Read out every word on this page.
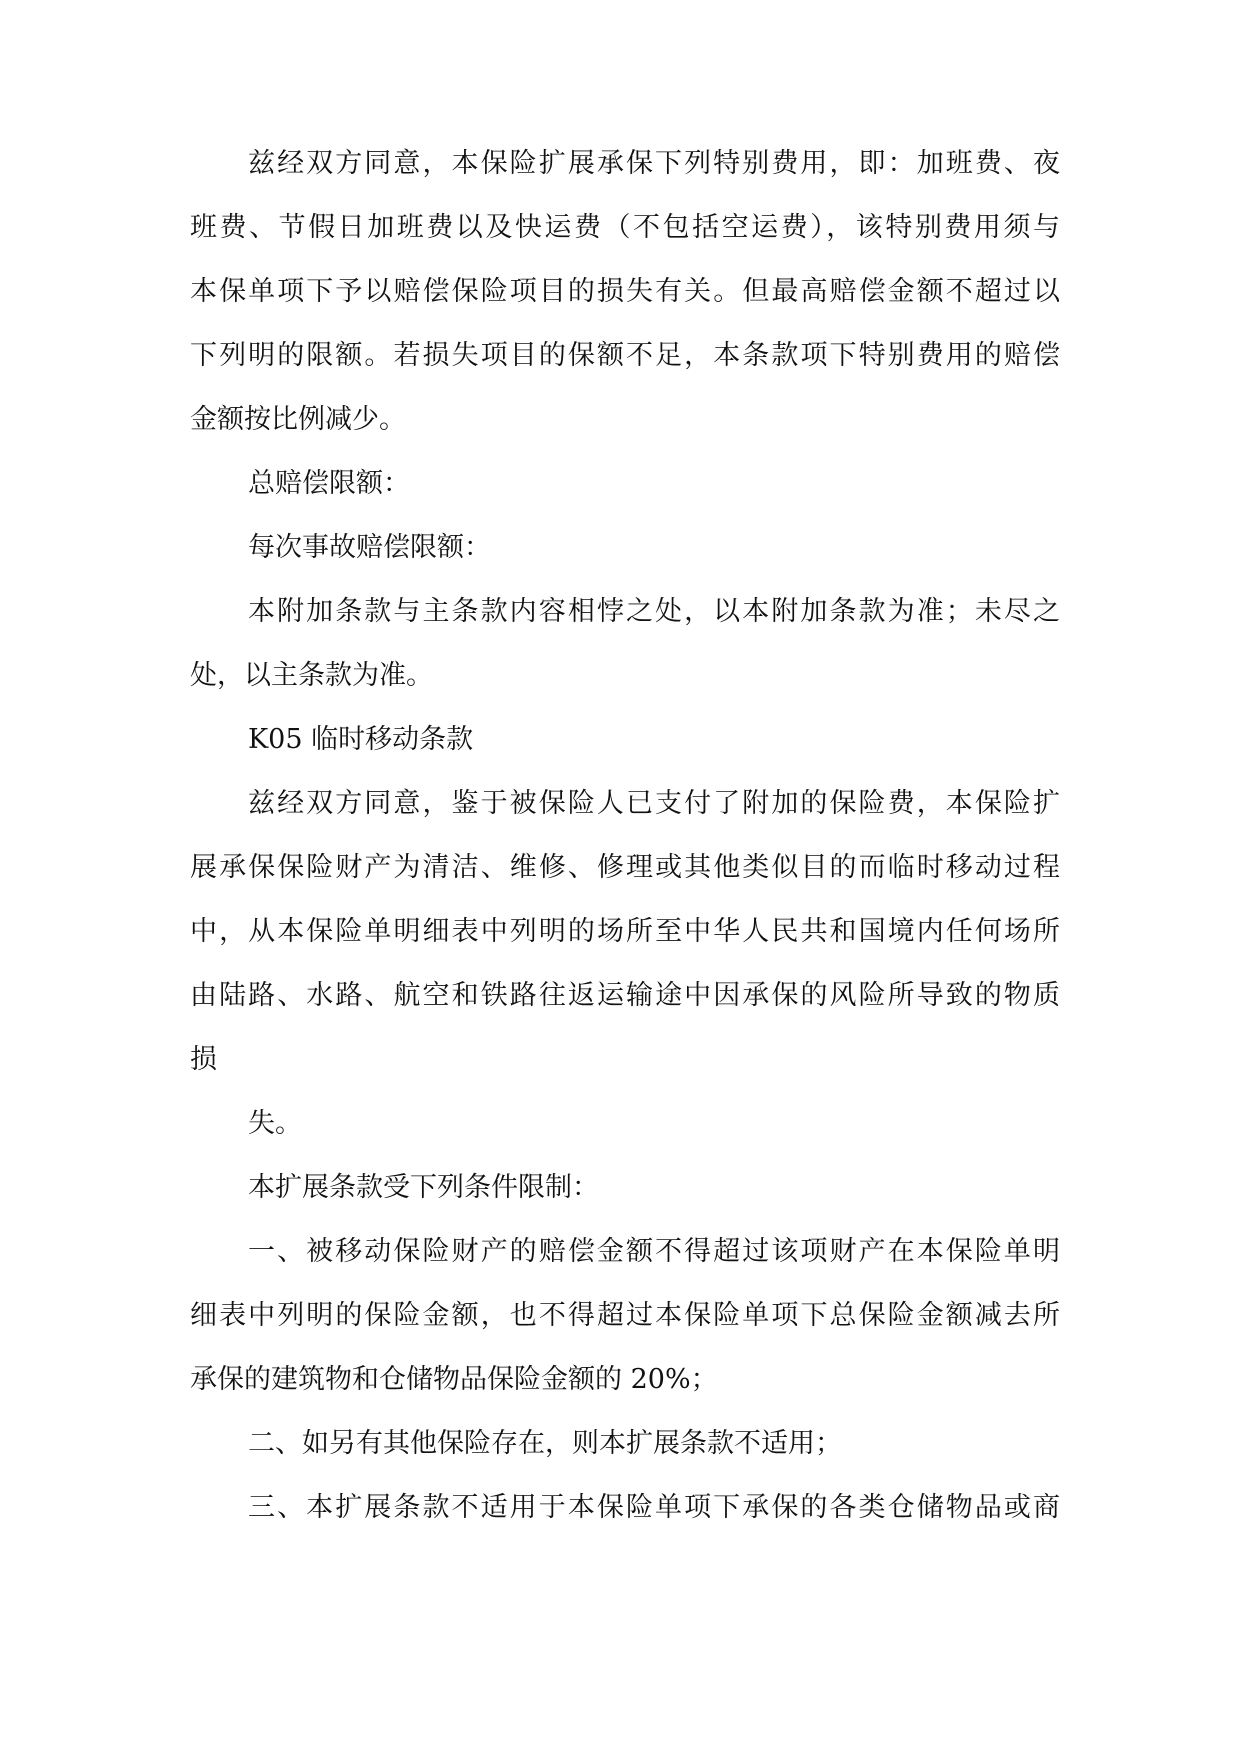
兹经双方同意，本保险扩展承保下列特别费用，即：加班费、夜
班费、节假日加班费以及快运费（不包括空运费），该特别费用须与
本保单项下予以赔偿保险项目的损失有关。但最高赔偿金额不超过以
下列明的限额。若损失项目的保额不足，本条款项下特别费用的赔偿
金额按比例减少。
总赔偿限额：
每次事故赔偿限额：
本附加条款与主条款内容相悖之处，以本附加条款为准；未尽之
处，以主条款为准。
K05 临时移动条款
兹经双方同意，鉴于被保险人已支付了附加的保险费，本保险扩
展承保保险财产为清洁、维修、修理或其他类似目的而临时移动过程
中，从本保险单明细表中列明的场所至中华人民共和国境内任何场所
由陆路、水路、航空和铁路往返运输途中因承保的风险所导致的物质
损
失。
本扩展条款受下列条件限制：
一、被移动保险财产的赔偿金额不得超过该项财产在本保险单明
细表中列明的保险金额，也不得超过本保险单项下总保险金额减去所
承保的建筑物和仓储物品保险金额的 20%；
二、如另有其他保险存在，则本扩展条款不适用；
三、本扩展条款不适用于本保险单项下承保的各类仓储物品或商
